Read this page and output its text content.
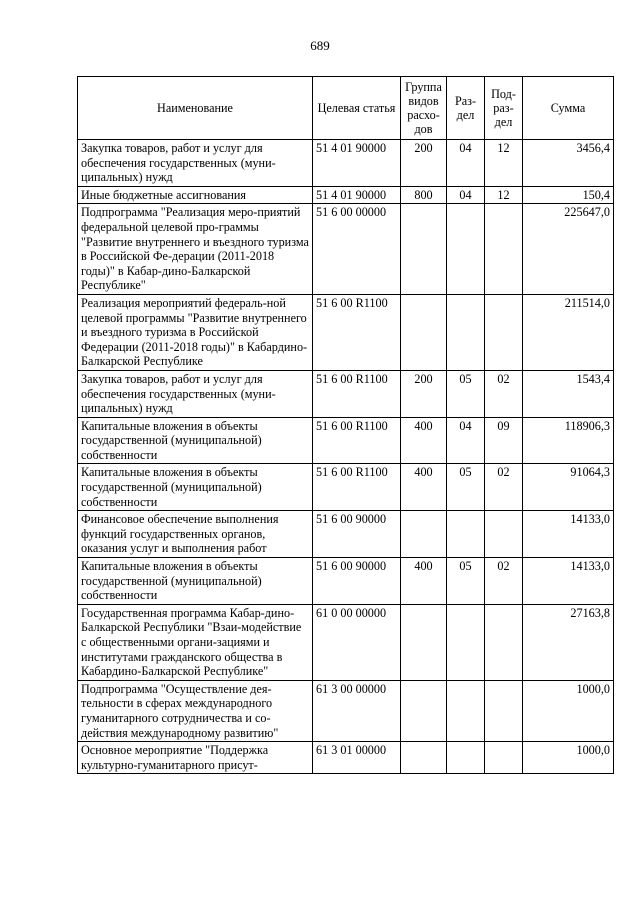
689
Наименование	Целевая статья	Группа видов расхо-дов	Раз-дел	Под-раз-дел	Сумма
Закупка товаров, работ и услуг для обеспечения государственных (муни-ципальных) нужд	51 4 01 90000	200	04	12	3456,4
Иные бюджетные ассигнования	51 4 01 90000	800	04	12	150,4
Подпрограмма "Реализация меро-приятий федеральной целевой про-граммы "Развитие внутреннего и въездного туризма в Российской Фе-дерации (2011-2018 годы)" в Кабар-дино-Балкарской Республике"	51 6 00 00000				225647,0
Реализация мероприятий федераль-ной целевой программы "Развитие внутреннего и въездного туризма в Российской Федерации (2011-2018 годы)" в Кабардино-Балкарской Республике	51 6 00 R1100				211514,0
Закупка товаров, работ и услуг для обеспечения государственных (муни-ципальных) нужд	51 6 00 R1100	200	05	02	1543,4
Капитальные вложения в объекты государственной (муниципальной) собственности	51 6 00 R1100	400	04	09	118906,3
Капитальные вложения в объекты государственной (муниципальной) собственности	51 6 00 R1100	400	05	02	91064,3
Финансовое обеспечение выполнения функций государственных органов, оказания услуг и выполнения работ	51 6 00 90000				14133,0
Капитальные вложения в объекты государственной (муниципальной) собственности	51 6 00 90000	400	05	02	14133,0
Государственная программа Кабар-дино-Балкарской Республики "Взаи-модействие с общественными органи-зациями и институтами гражданского общества в Кабардино-Балкарской Республике"	61 0 00 00000				27163,8
Подпрограмма "Осуществление дея-тельности в сферах международного гуманитарного сотрудничества и со-действия международному развитию"	61 3 00 00000				1000,0
Основное мероприятие "Поддержка культурно-гуманитарного присут-	61 3 01 00000				1000,0
